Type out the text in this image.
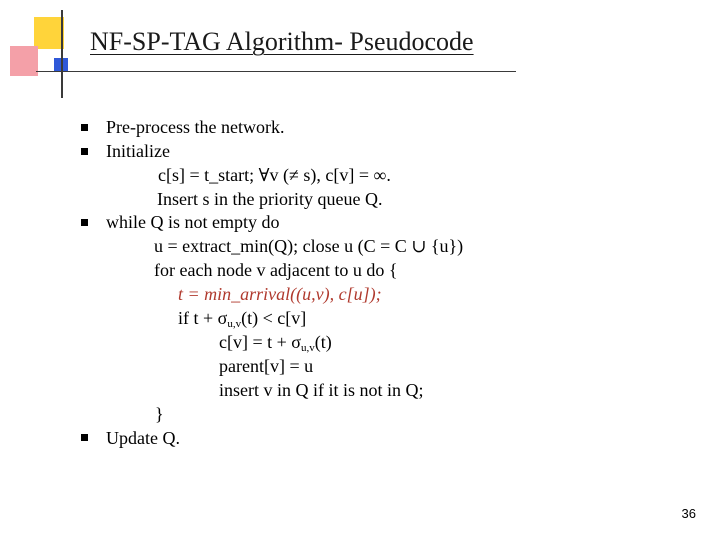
NF-SP-TAG Algorithm- Pseudocode
Pre-process the network.
Initialize
c[s] = t_start; ∀v (≠ s), c[v] = ∞.
Insert s in the priority queue Q.
while Q is not empty do
u = extract_min(Q); close u (C = C ∪ {u})
for each node v adjacent to u do {
t = min_arrival((u,v), c[u]);
if $t + \sigma_{u,v}(t) < c[v]$
$c[v] = t + \sigma_{u,v}(t)$
parent[v] = u
insert v in Q if it is not in Q;
}
Update Q.
36
